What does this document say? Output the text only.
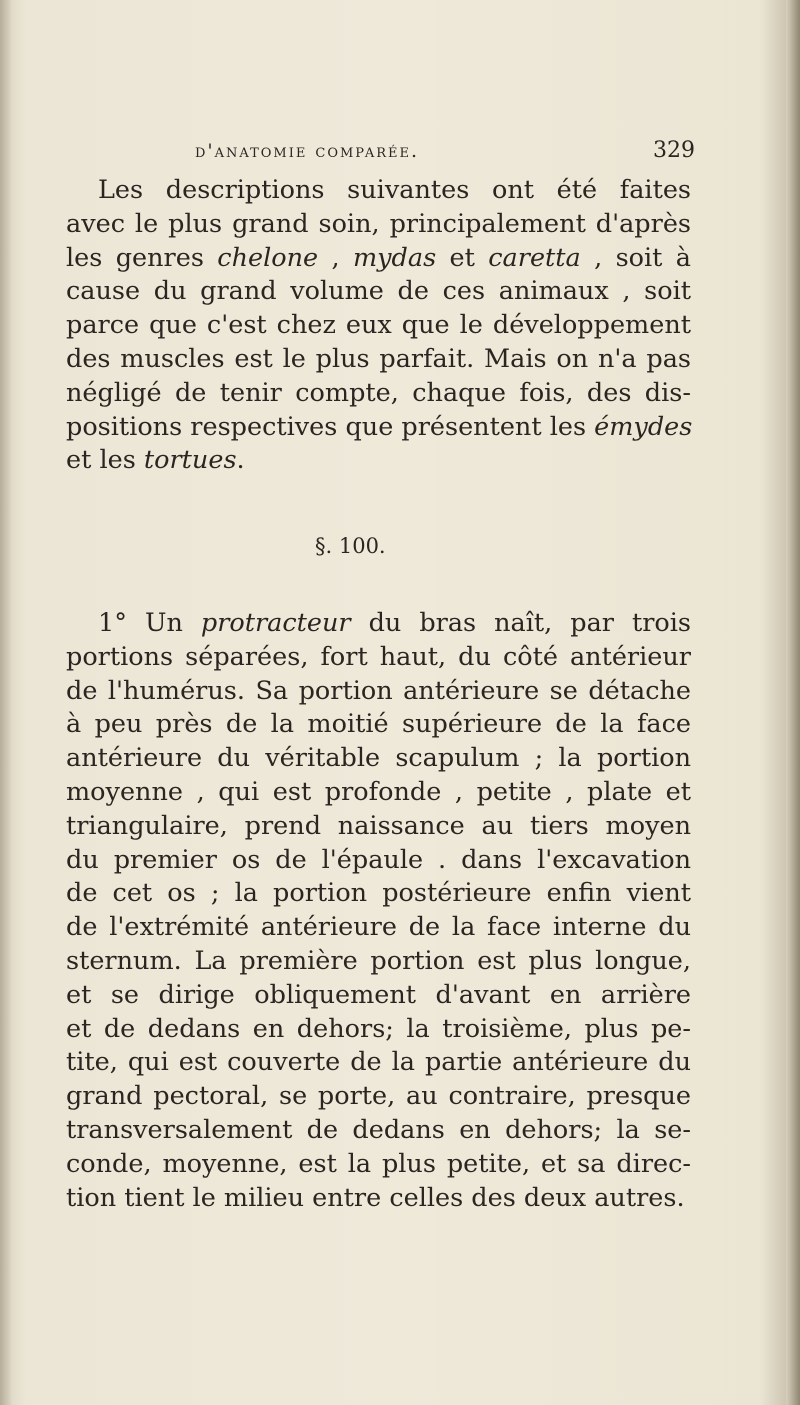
d'anatomie comparée.	329
Les descriptions suivantes ont été faites
avec le plus grand soin, principalement d'après
les genres chelone , mydas et caretta , soit à
cause du grand volume de ces animaux , soit
parce que c'est chez eux que le développement
des muscles est le plus parfait. Mais on n'a pas
négligé de tenir compte, chaque fois, des dis-
positions respectives que présentent les émydes
et les tortues.
§. 100.
1° Un protracteur du bras naît, par trois
portions séparées, fort haut, du côté antérieur
de l'humérus. Sa portion antérieure se détache
à peu près de la moitié supérieure de la face
antérieure du véritable scapulum ; la portion
moyenne , qui est profonde , petite , plate et
triangulaire, prend naissance au tiers moyen
du premier os de l'épaule . dans l'excavation
de cet os ; la portion postérieure enfin vient
de l'extrémité antérieure de la face interne du
sternum. La première portion est plus longue,
et se dirige obliquement d'avant en arrière
et de dedans en dehors; la troisième, plus pe-
tite, qui est couverte de la partie antérieure du
grand pectoral, se porte, au contraire, presque
transversalement de dedans en dehors; la se-
conde, moyenne, est la plus petite, et sa direc-
tion tient le milieu entre celles des deux autres.
